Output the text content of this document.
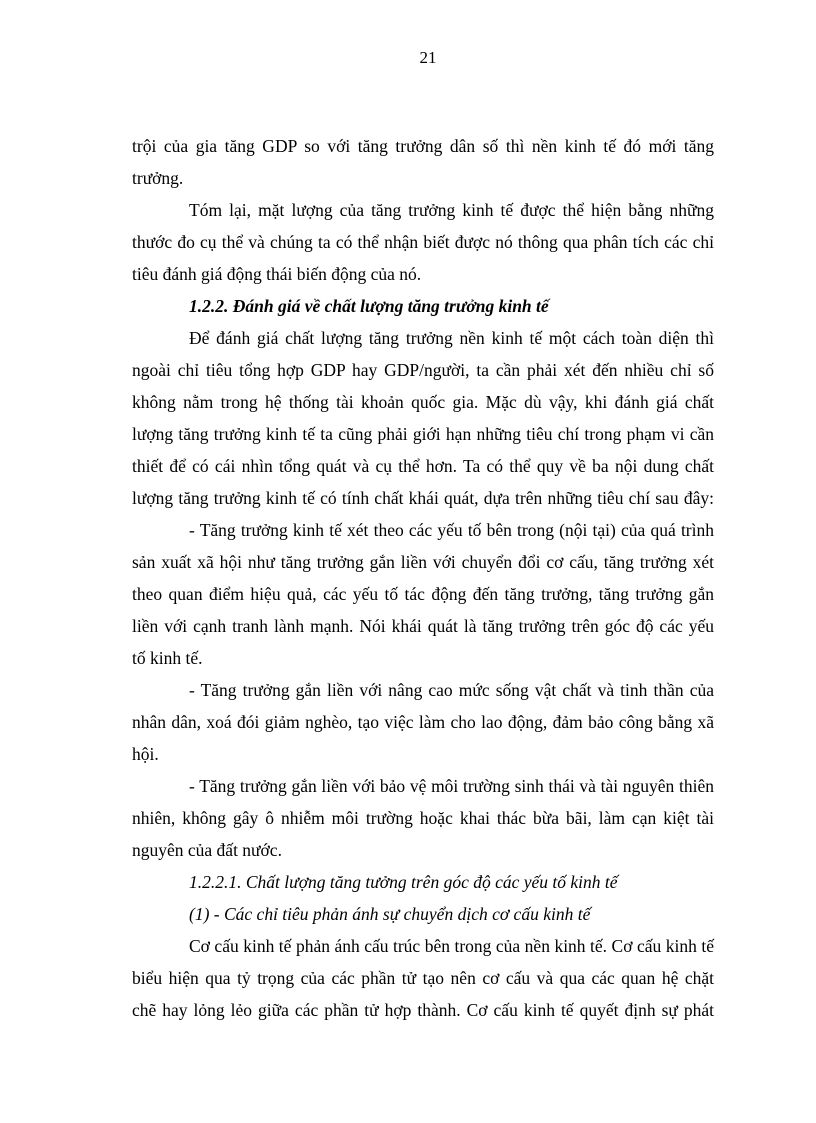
21
trội của gia tăng GDP so với tăng trưởng dân số thì nền kinh tế đó mới tăng
trưởng.
Tóm lại, mặt lượng của tăng trưởng kinh tế được thể hiện bằng những
thước đo cụ thể và chúng ta có thể nhận biết được nó thông qua phân tích các chỉ
tiêu đánh giá động thái biến động của nó.
1.2.2. Đánh giá về chất lượng tăng trưởng kinh tế
Để đánh giá chất lượng tăng trưởng nền kinh tế một cách toàn diện thì
ngoài chỉ tiêu tổng hợp GDP hay GDP/người, ta cần phải xét đến nhiều chỉ số
không nằm trong hệ thống tài khoản quốc gia. Mặc dù vậy, khi đánh giá chất
lượng tăng trưởng kinh tế ta cũng phải giới hạn những tiêu chí trong phạm vi cần
thiết để có cái nhìn tổng quát và cụ thể hơn. Ta có thể quy về ba nội dung chất
lượng tăng trưởng kinh tế có tính chất khái quát, dựa trên những tiêu chí sau đây:
- Tăng trưởng kinh tế xét theo các yếu tố bên trong (nội tại) của quá trình
sản xuất xã hội như tăng trưởng gắn liền với chuyển đổi cơ cấu, tăng trưởng xét
theo quan điểm hiệu quả, các yếu tố tác động đến tăng trưởng, tăng trưởng gắn
liền với cạnh tranh lành mạnh. Nói khái quát là tăng trưởng trên góc độ các yếu
tố kinh tế.
- Tăng trưởng gắn liền với nâng cao mức sống vật chất và tinh thần của
nhân dân, xoá đói giảm nghèo, tạo việc làm cho lao động, đảm bảo công bằng xã
hội.
- Tăng trưởng gắn liền với bảo vệ môi trường sinh thái và tài nguyên thiên
nhiên, không gây ô nhiễm môi trường hoặc khai thác bừa bãi, làm cạn kiệt tài
nguyên của đất nước.
1.2.2.1. Chất lượng tăng tưởng trên góc độ các yếu tố kinh tế
(1) - Các chỉ tiêu phản ánh sự chuyển dịch cơ cấu kinh tế
Cơ cấu kinh tế phản ánh cấu trúc bên trong của nền kinh tế. Cơ cấu kinh tế
biểu hiện qua tỷ trọng của các phần tử tạo nên cơ cấu và qua các quan hệ chặt
chẽ hay lỏng lẻo giữa các phần tử hợp thành. Cơ cấu kinh tế quyết định sự phát
